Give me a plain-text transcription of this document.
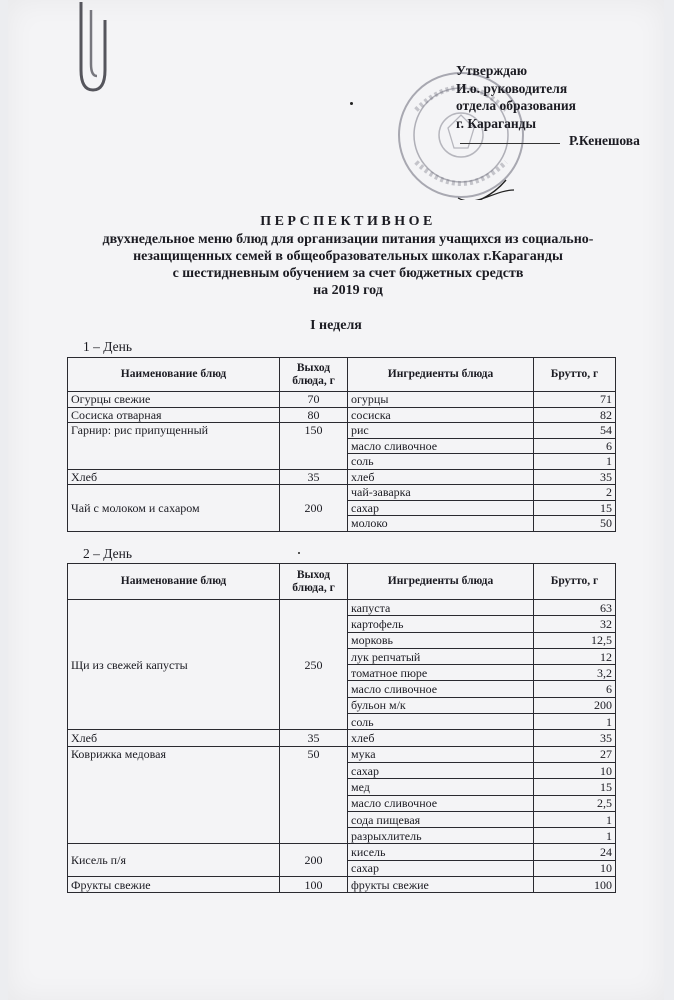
Утверждаю
И.о. руководителя
отдела образования
г. Караганды
Р.Кенешова
ПЕРСПЕКТИВНОЕ
двухнедельное меню блюд для организации питания учащихся из социально-
незащищенных семей в общеобразовательных школах г.Караганды
с шестидневным обучением за счет бюджетных средств
на 2019 год
I неделя
1 – День
Наименование блюд	Выход блюда, г	Ингредиенты блюда	Брутто, г
Огурцы свежие	70	огурцы	71
Сосиска отварная	80	сосиска	82
Гарнир: рис припущенный	150	рис	54
		масло сливочное	6
		соль	1
Хлеб	35	хлеб	35
Чай с молоком и сахаром	200	чай-заварка	2
		сахар	15
		молоко	50
2 – День
Наименование блюд	Выход блюда, г	Ингредиенты блюда	Брутто, г
Щи из свежей капусты	250	капуста	63
		картофель	32
		морковь	12,5
		лук репчатый	12
		томатное пюре	3,2
		масло сливочное	6
		бульон м/к	200
		соль	1
Хлеб	35	хлеб	35
Коврижка медовая	50	мука	27
		сахар	10
		мед	15
		масло сливочное	2,5
		сода пищевая	1
		разрыхлитель	1
Кисель п/я	200	кисель	24
		сахар	10
Фрукты свежие	100	фрукты свежие	100
